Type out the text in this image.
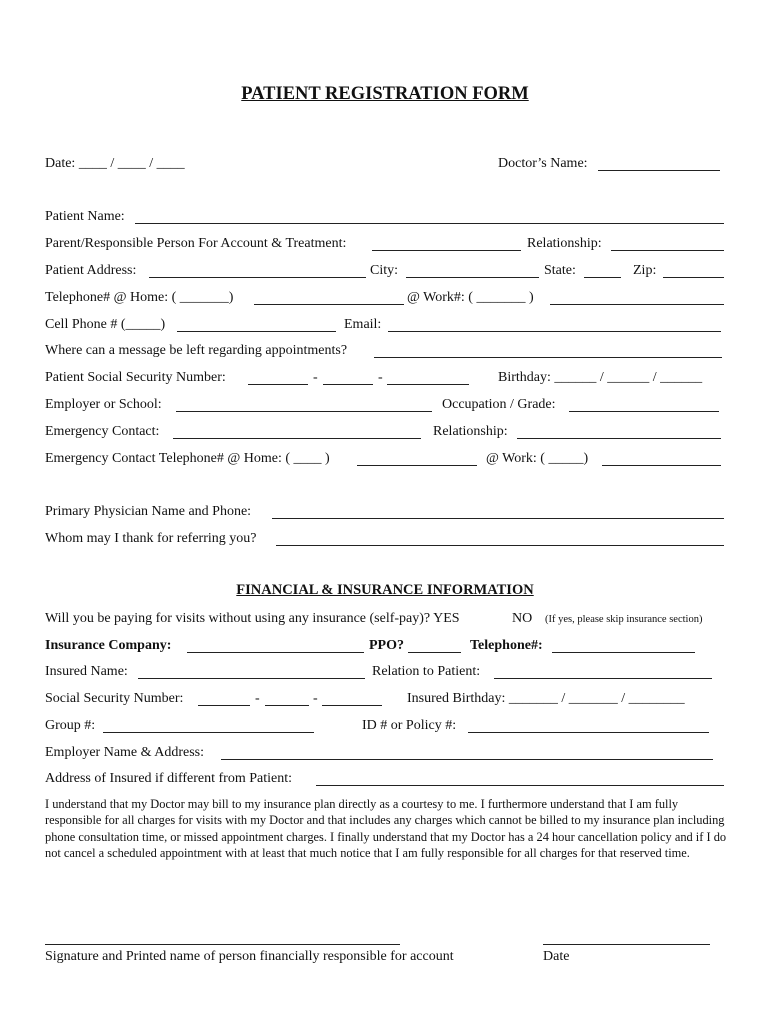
PATIENT REGISTRATION FORM
Date: ____ / ____ / ____	Doctor’s Name:
Patient Name:
Parent/Responsible Person For Account & Treatment:	Relationship:
Patient Address:	City:	State:	Zip:
Telephone# @ Home: ( _______)	@ Work#: ( _______ )
Cell Phone # (_____)	Email:
Where can a message be left regarding appointments?
Patient Social Security Number:	-	-	Birthday: ______ / ______ / ______
Employer or School:	Occupation / Grade:
Emergency Contact:	Relationship:
Emergency Contact Telephone# @ Home: ( ____ )	@ Work: ( _____)
Primary Physician Name and Phone:
Whom may I thank for referring you?
FINANCIAL & INSURANCE INFORMATION
Will you be paying for visits without using any insurance (self-pay)? YES	NO (If yes, please skip insurance section)
Insurance Company:	PPO?	Telephone#:
Insured Name:	Relation to Patient:
Social Security Number:	-	-	Insured Birthday: _______ / _______ / ________
Group #:	ID # or Policy #:
Employer Name & Address:
Address of Insured if different from Patient:
I understand that my Doctor may bill to my insurance plan directly as a courtesy to me. I furthermore understand that I am fully responsible for all charges for visits with my Doctor and that includes any charges which cannot be billed to my insurance plan including phone consultation time, or missed appointment charges. I finally understand that my Doctor has a 24 hour cancellation policy and if I do not cancel a scheduled appointment with at least that much notice that I am fully responsible for all charges for that reserved time.
Signature and Printed name of person financially responsible for account	Date
